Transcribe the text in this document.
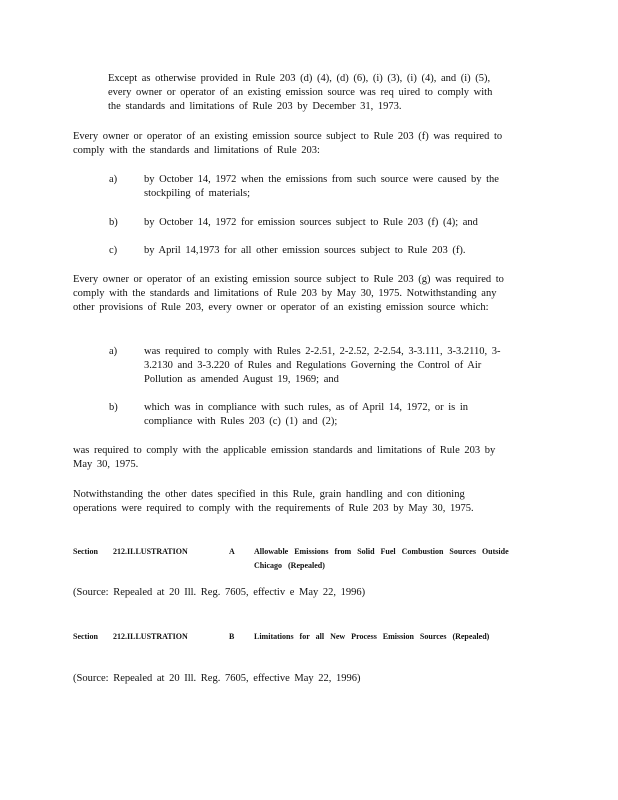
Except as otherwise provided in Rule 203 (d) (4), (d) (6), (i) (3), (i) (4), and (i) (5), every owner or operator of an existing emission source was req uired to comply with the standards and limitations of Rule 203 by December 31, 1973.
Every owner or operator of an existing emission source subject to Rule 203 (f) was required to comply with the standards and limitations of Rule 203:
a)	by October 14, 1972 when the emissions from such source were caused by the stockpiling of materials;
b)	by October 14, 1972 for emission sources subject to Rule 203 (f) (4); and
c)	by April 14,1973 for all other emission sources subject to Rule 203 (f).
Every owner or operator of an existing emission source subject to Rule 203 (g) was required to comply with the standards and limitations of Rule 203 by May 30, 1975. Notwithstanding any other provisions of Rule 203, every owner or operator of an existing emission source which:
a)	was required to comply with Rules 2-2.51, 2-2.52, 2-2.54, 3-3.111, 3-3.2110, 3-3.2130 and 3-3.220 of Rules and Regulations Governing the Control of Air Pollution as amended August 19, 1969; and
b)	which was in compliance with such rules, as of April 14, 1972, or is in compliance with Rules 203 (c) (1) and (2);
was required to comply with the applicable emission standards and limitations of Rule 203 by May 30, 1975.
Notwithstanding the other dates specified in this Rule, grain handling and con ditioning operations were required to comply with the requirements of Rule 203 by May 30, 1975.
Section 212.ILLUSTRATION	A Allowable Emissions from Solid Fuel Combustion Sources Outside Chicago (Repealed)
(Source: Repealed at 20 Ill. Reg. 7605, effectiv e May 22, 1996)
Section 212.ILLUSTRATION	B Limitations for all New Process Emission Sources (Repealed)
(Source: Repealed at 20 Ill. Reg. 7605, effective May 22, 1996)
